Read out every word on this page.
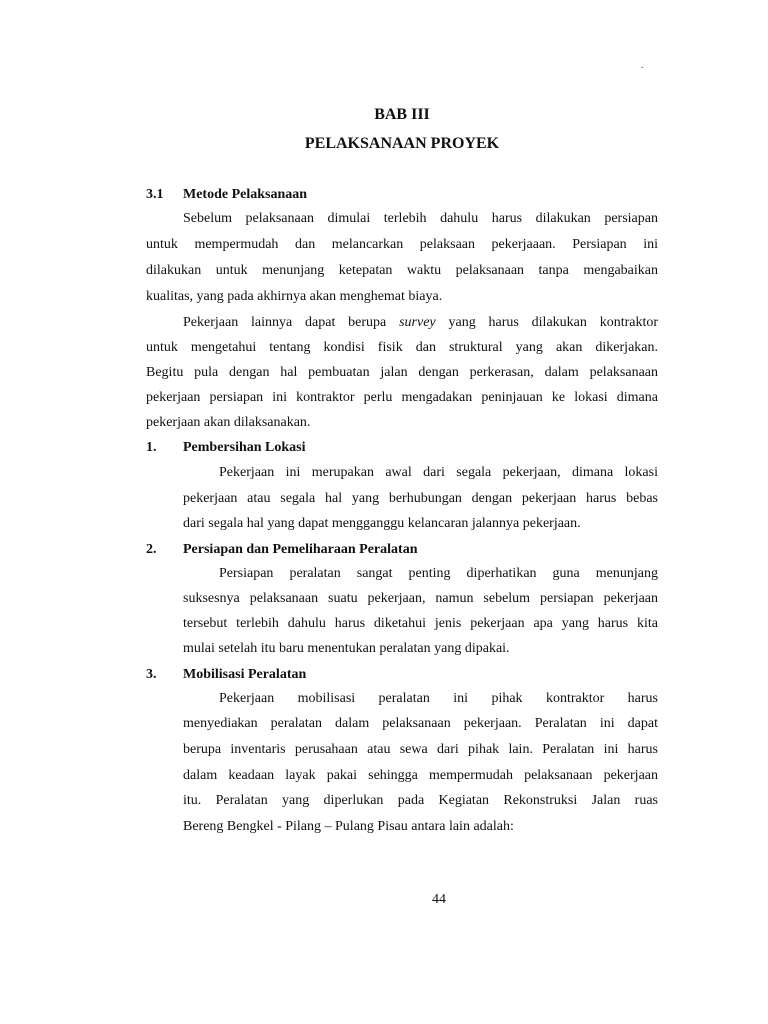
.
BAB III
PELAKSANAAN PROYEK
3.1	Metode Pelaksanaan
Sebelum pelaksanaan dimulai terlebih dahulu harus dilakukan persiapan
untuk mempermudah dan melancarkan pelaksaan pekerjaaan. Persiapan ini
dilakukan untuk menunjang ketepatan waktu pelaksanaan tanpa mengabaikan
kualitas, yang pada akhirnya akan menghemat biaya.
Pekerjaan lainnya dapat berupa survey yang harus dilakukan kontraktor
untuk mengetahui tentang kondisi fisik dan struktural yang akan dikerjakan.
Begitu pula dengan hal pembuatan jalan dengan perkerasan, dalam pelaksanaan
pekerjaan persiapan ini kontraktor perlu mengadakan peninjauan ke lokasi dimana
pekerjaan akan dilaksanakan.
1.	Pembersihan Lokasi
Pekerjaan ini merupakan awal dari segala pekerjaan, dimana lokasi
pekerjaan atau segala hal yang berhubungan dengan pekerjaan harus bebas
dari segala hal yang dapat mengganggu kelancaran jalannya pekerjaan.
2.	Persiapan dan Pemeliharaan Peralatan
Persiapan peralatan sangat penting diperhatikan guna menunjang
suksesnya pelaksanaan suatu pekerjaan, namun sebelum persiapan pekerjaan
tersebut terlebih dahulu harus diketahui jenis pekerjaan apa yang harus kita
mulai setelah itu baru menentukan peralatan yang dipakai.
3.	Mobilisasi Peralatan
Pekerjaan mobilisasi peralatan ini pihak kontraktor harus
menyediakan peralatan dalam pelaksanaan pekerjaan. Peralatan ini dapat
berupa inventaris perusahaan atau sewa dari pihak lain. Peralatan ini harus
dalam keadaan layak pakai sehingga mempermudah pelaksanaan pekerjaan
itu. Peralatan yang diperlukan pada Kegiatan Rekonstruksi Jalan ruas
Bereng Bengkel - Pilang – Pulang Pisau antara lain adalah:
44
